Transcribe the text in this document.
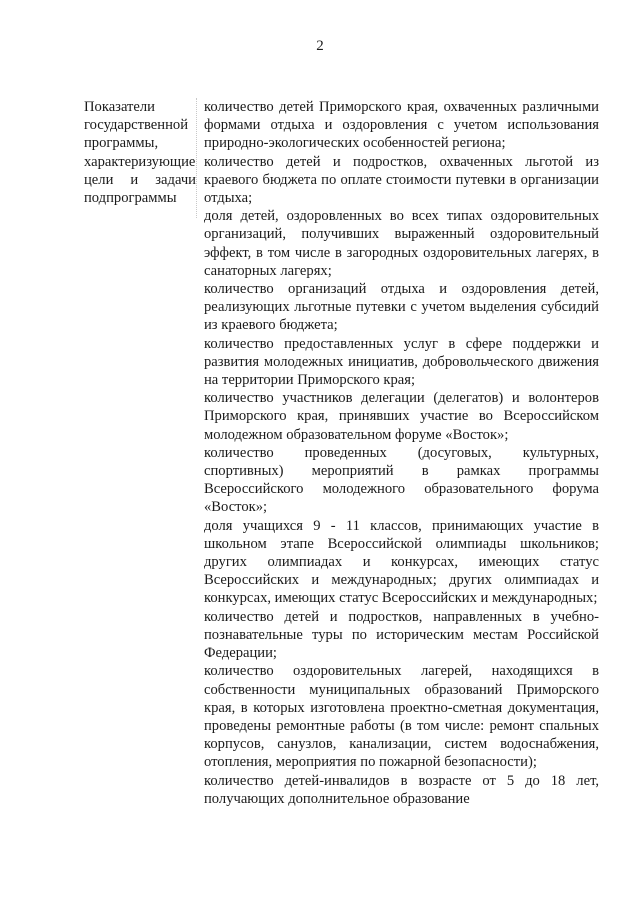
2
Показатели
государственной
программы,
характеризующие
цели и задачи
подпрограммы

количество детей Приморского края, охваченных различными формами отдыха и оздоровления с учетом использования природно-экологических особенностей региона;

количество детей и подростков, охваченных льготой из краевого бюджета по оплате стоимости путевки в организации отдыха;

доля детей, оздоровленных во всех типах оздоровительных организаций, получивших выраженный оздоровительный эффект, в том числе в загородных оздоровительных лагерях, в санаторных лагерях;

количество организаций отдыха и оздоровления детей, реализующих льготные путевки с учетом выделения субсидий из краевого бюджета;

количество предоставленных услуг в сфере поддержки и развития молодежных инициатив, добровольческого движения на территории Приморского края;

количество участников делегации (делегатов) и волонтеров Приморского края, принявших участие во Всероссийском молодежном образовательном форуме «Восток»;

количество проведенных (досуговых, культурных, спортивных) мероприятий в рамках программы Всероссийского молодежного образовательного форума «Восток»;

доля учащихся 9 - 11 классов, принимающих участие в школьном этапе Всероссийской олимпиады школьников; других олимпиадах и конкурсах, имеющих статус Всероссийских и международных; других олимпиадах и конкурсах, имеющих статус Всероссийских и международных;

количество детей и подростков, направленных в учебно-познавательные туры по историческим местам Российской Федерации;

количество оздоровительных лагерей, находящихся в собственности муниципальных образований Приморского края, в которых изготовлена проектно-сметная документация, проведены ремонтные работы (в том числе: ремонт спальных корпусов, санузлов, канализации, систем водоснабжения, отопления, мероприятия по пожарной безопасности);

количество детей-инвалидов в возрасте от 5 до 18 лет, получающих дополнительное образование
